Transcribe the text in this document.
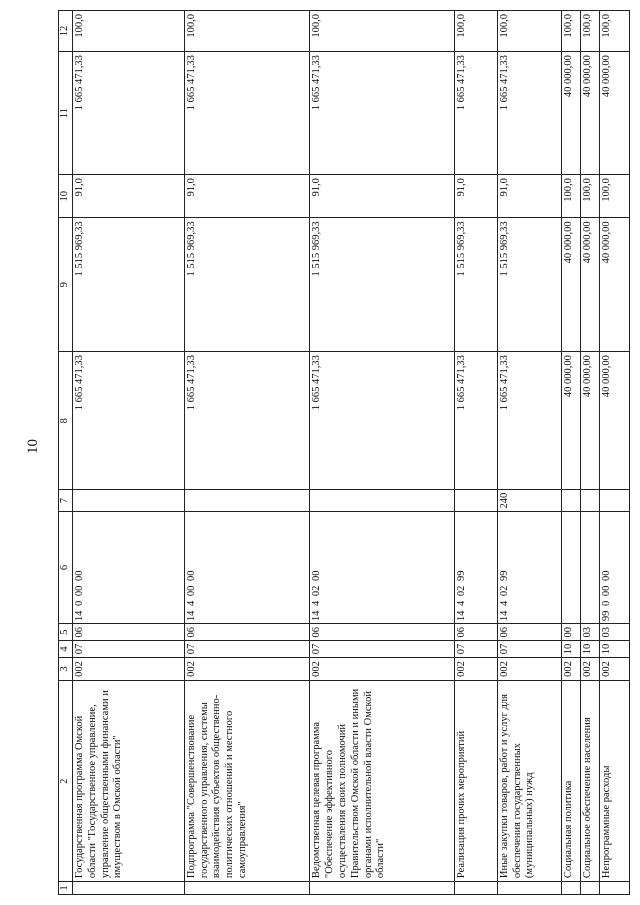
10
1	2	3	4	5	6	7	8	9	10	11	12
	Государственная программа Омской области "Государственное управление, управление общественными финансами и имуществом в Омской области"	002	07	06	14 0 00 00		1 665 471,33	1 515 969,33	91,0	1 665 471,33	100,0
	Подпрограмма "Совершенствование государственного управления, системы взаимодействия субъектов общественно-политических отношений и местного самоуправления"	002	07	06	14 4 00 00		1 665 471,33	1 515 969,33	91,0	1 665 471,33	100,0
	Ведомственная целевая программа "Обеспечение эффективного осуществления своих полномочий Правительством Омской области и иными органами исполнительной власти Омской области"	002	07	06	14 4 02 00		1 665 471,33	1 515 969,33	91,0	1 665 471,33	100,0
	Реализация прочих мероприятий	002	07	06	14 4 02 99		1 665 471,33	1 515 969,33	91,0	1 665 471,33	100,0
	Иные закупки товаров, работ и услуг для обеспечения государственных (муниципальных) нужд	002	07	06	14 4 02 99	240	1 665 471,33	1 515 969,33	91,0	1 665 471,33	100,0
	Социальная политика	002	10	00			40 000,00	40 000,00	100,0	40 000,00	100,0
	Социальное обеспечение населения	002	10	03			40 000,00	40 000,00	100,0	40 000,00	100,0
	Непрограммные расходы	002	10	03	99 0 00 00		40 000,00	40 000,00	100,0	40 000,00	100,0
